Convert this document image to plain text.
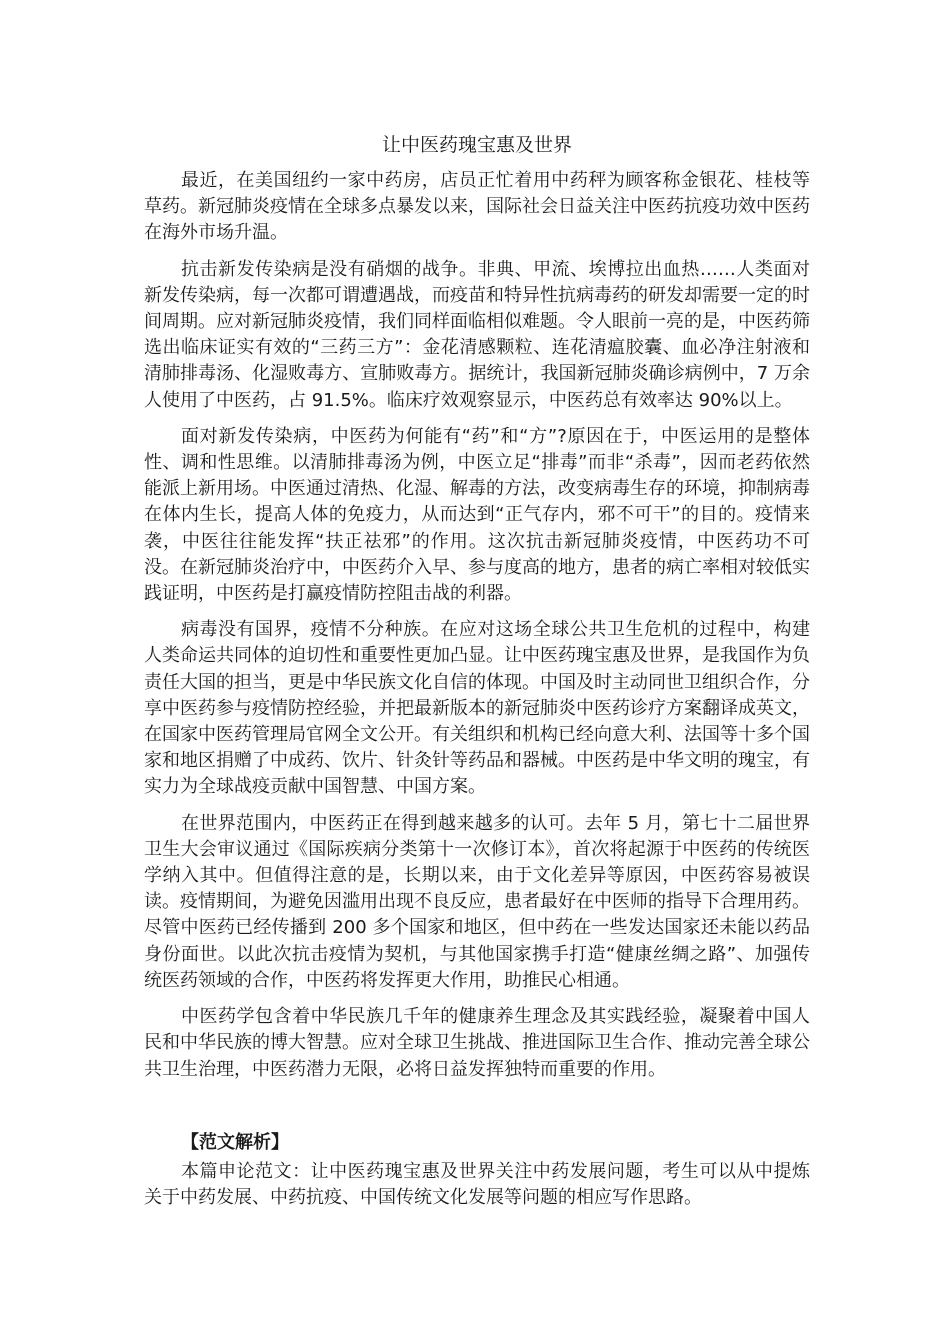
让中医药瑰宝惠及世界

最近，在美国纽约一家中药房，店员正忙着用中药秤为顾客称金银花、桂枝等草药。新冠肺炎疫情在全球多点暴发以来，国际社会日益关注中医药抗疫功效中医药在海外市场升温。

抗击新发传染病是没有硝烟的战争。非典、甲流、埃博拉出血热……人类面对新发传染病，每一次都可谓遭遇战，而疫苗和特异性抗病毒药的研发却需要一定的时间周期。应对新冠肺炎疫情，我们同样面临相似难题。令人眼前一亮的是，中医药筛选出临床证实有效的“三药三方”：金花清感颗粒、连花清瘟胶囊、血必净注射液和清肺排毒汤、化湿败毒方、宣肺败毒方。据统计，我国新冠肺炎确诊病例中，7 万余人使用了中医药，占 91.5%。临床疗效观察显示，中医药总有效率达 90%以上。

面对新发传染病，中医药为何能有“药”和“方”?原因在于，中医运用的是整体性、调和性思维。以清肺排毒汤为例，中医立足“排毒”而非“杀毒”，因而老药依然能派上新用场。中医通过清热、化湿、解毒的方法，改变病毒生存的环境，抑制病毒在体内生长，提高人体的免疫力，从而达到“正气存内，邪不可干”的目的。疫情来袭，中医往往能发挥“扶正祛邪”的作用。这次抗击新冠肺炎疫情，中医药功不可没。在新冠肺炎治疗中，中医药介入早、参与度高的地方，患者的病亡率相对较低实践证明，中医药是打赢疫情防控阻击战的利器。

病毒没有国界，疫情不分种族。在应对这场全球公共卫生危机的过程中，构建人类命运共同体的迫切性和重要性更加凸显。让中医药瑰宝惠及世界，是我国作为负责任大国的担当，更是中华民族文化自信的体现。中国及时主动同世卫组织合作，分享中医药参与疫情防控经验，并把最新版本的新冠肺炎中医药诊疗方案翻译成英文，在国家中医药管理局官网全文公开。有关组织和机构已经向意大利、法国等十多个国家和地区捐赠了中成药、饮片、针灸针等药品和器械。中医药是中华文明的瑰宝，有实力为全球战疫贡献中国智慧、中国方案。

在世界范围内，中医药正在得到越来越多的认可。去年 5 月，第七十二届世界卫生大会审议通过《国际疾病分类第十一次修订本》，首次将起源于中医药的传统医学纳入其中。但值得注意的是，长期以来，由于文化差异等原因，中医药容易被误读。疫情期间，为避免因滥用出现不良反应，患者最好在中医师的指导下合理用药。尽管中医药已经传播到 200 多个国家和地区，但中药在一些发达国家还未能以药品身份面世。以此次抗击疫情为契机，与其他国家携手打造“健康丝绸之路”、加强传统医药领域的合作，中医药将发挥更大作用，助推民心相通。

中医药学包含着中华民族几千年的健康养生理念及其实践经验，凝聚着中国人民和中华民族的博大智慧。应对全球卫生挑战、推进国际卫生合作、推动完善全球公共卫生治理，中医药潜力无限，必将日益发挥独特而重要的作用。

【范文解析】

本篇申论范文：让中医药瑰宝惠及世界关注中药发展问题，考生可以从中提炼关于中药发展、中药抗疫、中国传统文化发展等问题的相应写作思路。
